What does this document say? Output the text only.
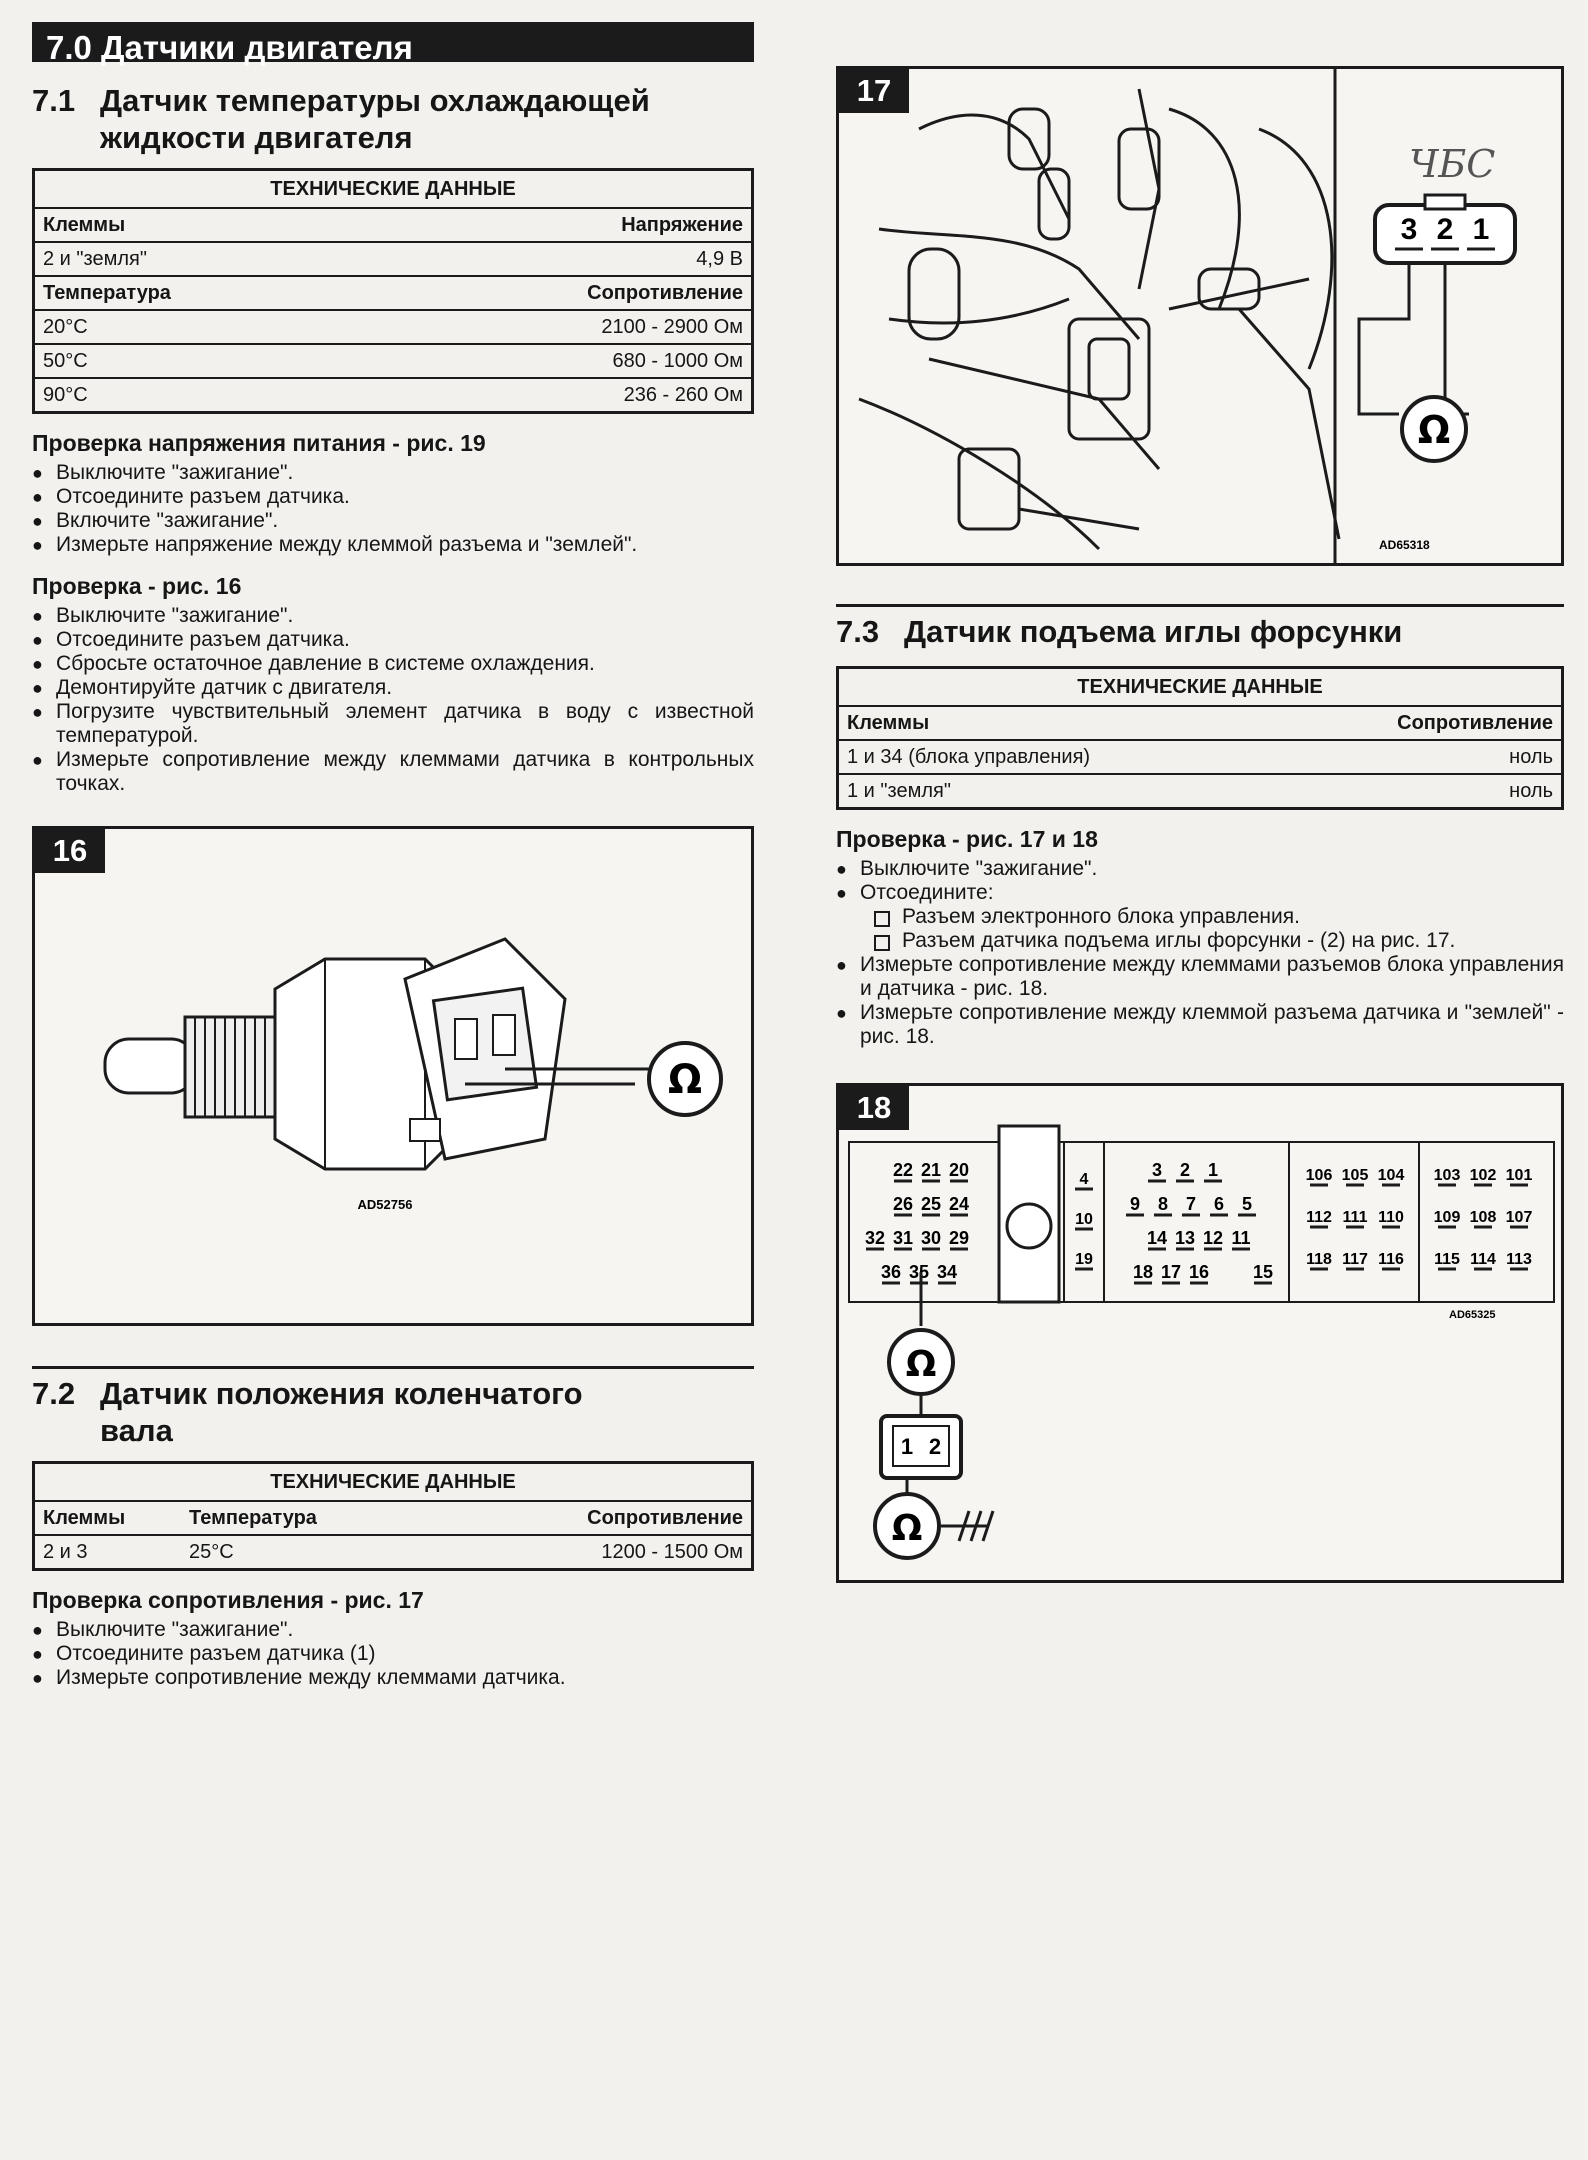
7.0 Датчики двигателя
7.1 Датчик температуры охлаждающей
жидкости двигателя
ТЕХНИЧЕСКИЕ ДАННЫЕ	
Клеммы	Напряжение
2 и "земля"	4,9 В
Температура	Сопротивление
20°С	2100 - 2900 Ом
50°С	680 - 1000 Ом
90°С	236 - 260 Ом
Проверка напряжения питания - рис. 19
● Выключите "зажигание".
● Отсоедините разъем датчика.
● Включите "зажигание".
● Измерьте напряжение между клеммой разъема и "землей".
Проверка - рис. 16
● Выключите "зажигание".
● Отсоедините разъем датчика.
● Сбросьте остаточное давление в системе охлаждения.
● Демонтируйте датчик с двигателя.
● Погрузите чувствительный элемент датчика в воду с известной температурой.
● Измерьте сопротивление между клеммами датчика в контрольных точках.
Ω
AD52756
16
7.2 Датчик положения коленчатого
вала
ТЕХНИЧЕСКИЕ ДАННЫЕ		
Клеммы	Температура	Сопротивление
2 и 3	25°С	1200 - 1500 Ом
Проверка сопротивления - рис. 17
● Выключите "зажигание".
● Отсоедините разъем датчика (1)
● Измерьте сопротивление между клеммами датчика.
ЧБС
3 2 1
Ω
AD65318
17
7.3 Датчик подъема иглы форсунки
ТЕХНИЧЕСКИЕ ДАННЫЕ	
Клеммы	Сопротивление
1 и 34 (блока управления)	ноль
1 и "земля"	ноль
Проверка - рис. 17 и 18
● Выключите "зажигание".
● Отсоедините:
Разъем электронного блока управления.
Разъем датчика подъема иглы форсунки - (2) на рис. 17.
● Измерьте сопротивление между клеммами разъемов блока управления и датчика - рис. 18.
● Измерьте сопротивление между клеммой разъема датчика и "землей" - рис. 18.
22 21 20
26 25 24
32 31 30 29
36 35 34
4
10
19
3 2 1
9 8 7 6 5
14 13 12 11
18 17 16 15
106 105 104
112 111 110
118 117 116
103 102 101
109 108 107
115 114 113
Ω
1 2
Ω
AD65325
18
